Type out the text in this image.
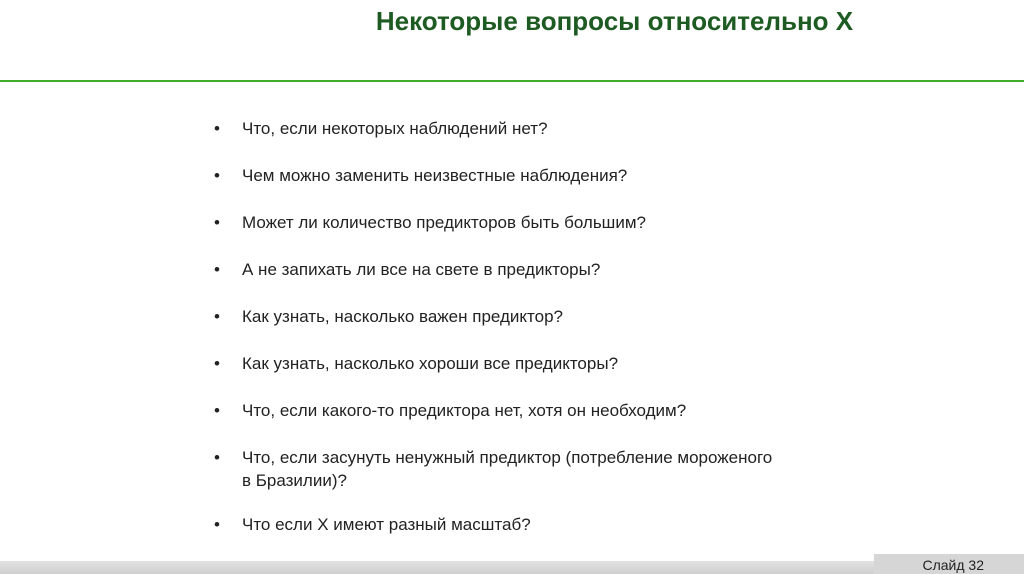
Некоторые вопросы относительно X
• Что, если некоторых наблюдений нет?
• Чем можно заменить неизвестные наблюдения?
• Может ли количество предикторов быть большим?
• А не запихать ли все на свете в предикторы?
• Как узнать, насколько важен предиктор?
• Как узнать, насколько хороши все предикторы?
• Что, если какого-то предиктора нет, хотя он необходим?
• Что, если засунуть ненужный предиктор (потребление мороженого в Бразилии)?
• Что если X имеют разный масштаб?
Слайд 32
